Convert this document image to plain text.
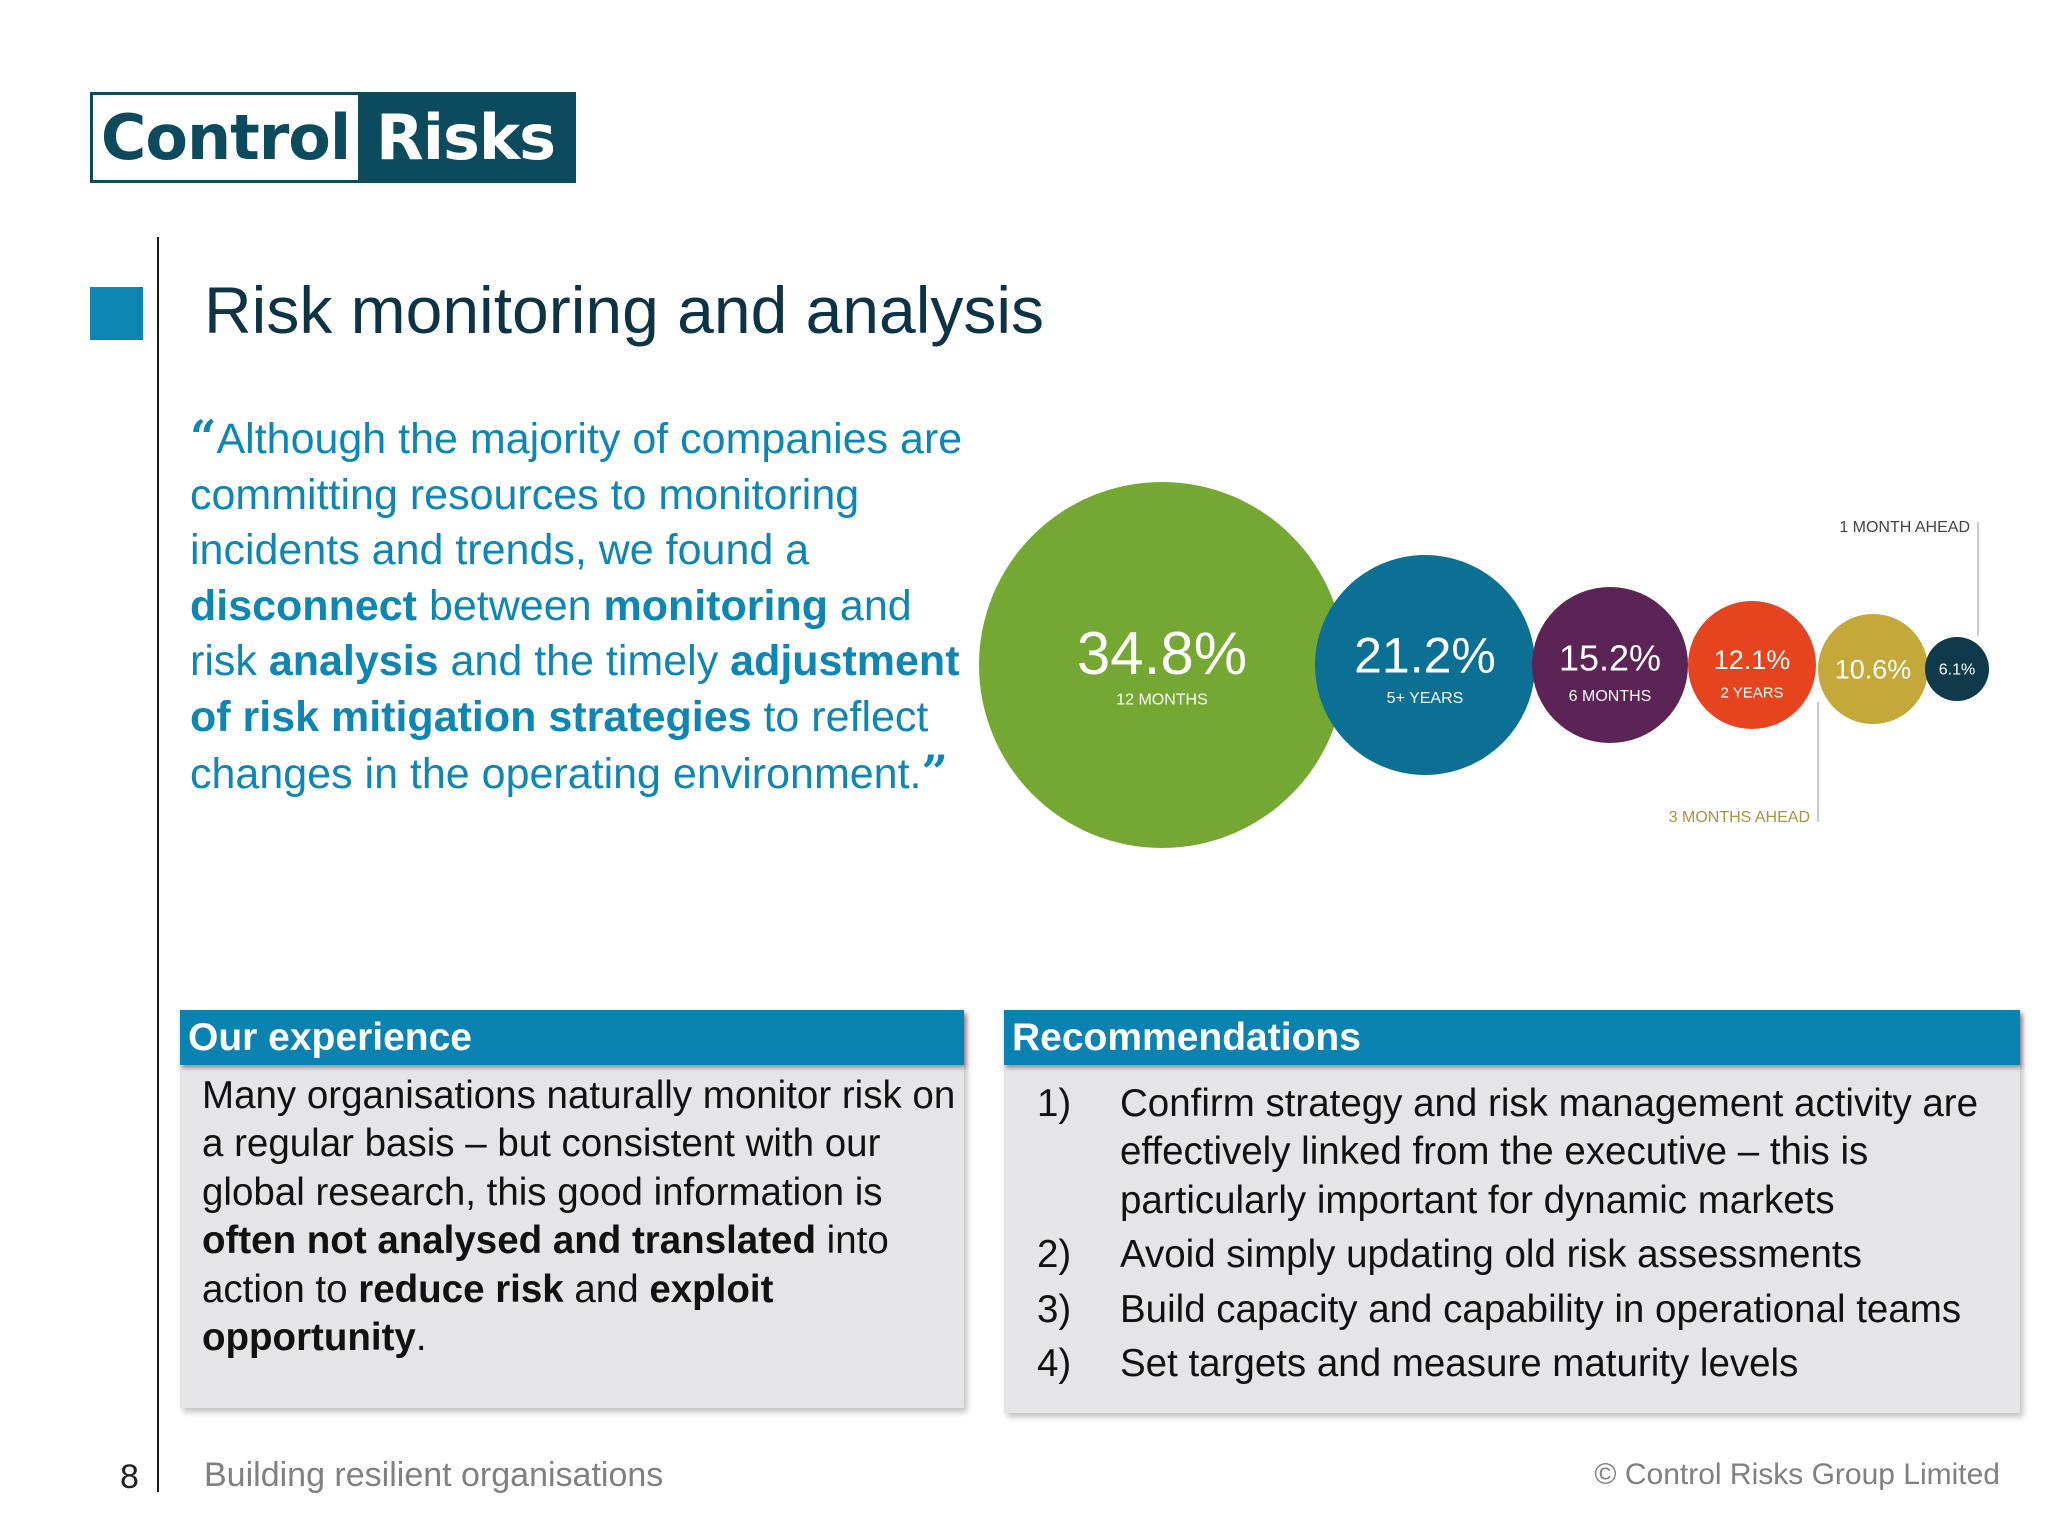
Control Risks
Risk monitoring and analysis
“Although the majority of companies are committing resources to monitoring incidents and trends, we found a disconnect between monitoring and risk analysis and the timely adjustment of risk mitigation strategies to reflect changes in the operating environment.”
34.8%
12 MONTHS
21.2%
5+ YEARS
15.2%
6 MONTHS
12.1%
2 YEARS
10.6% 6.1%
1 MONTH AHEAD
3 MONTHS AHEAD
Our experience
Many organisations naturally monitor risk on a regular basis – but consistent with our global research, this good information is often not analysed and translated into action to reduce risk and exploit opportunity.
Recommendations
1)	Confirm strategy and risk management activity are effectively linked from the executive – this is particularly important for dynamic markets
2)	Avoid simply updating old risk assessments
3)	Build capacity and capability in operational teams
4)	Set targets and measure maturity levels
8 Building resilient organisations	© Control Risks Group Limited
